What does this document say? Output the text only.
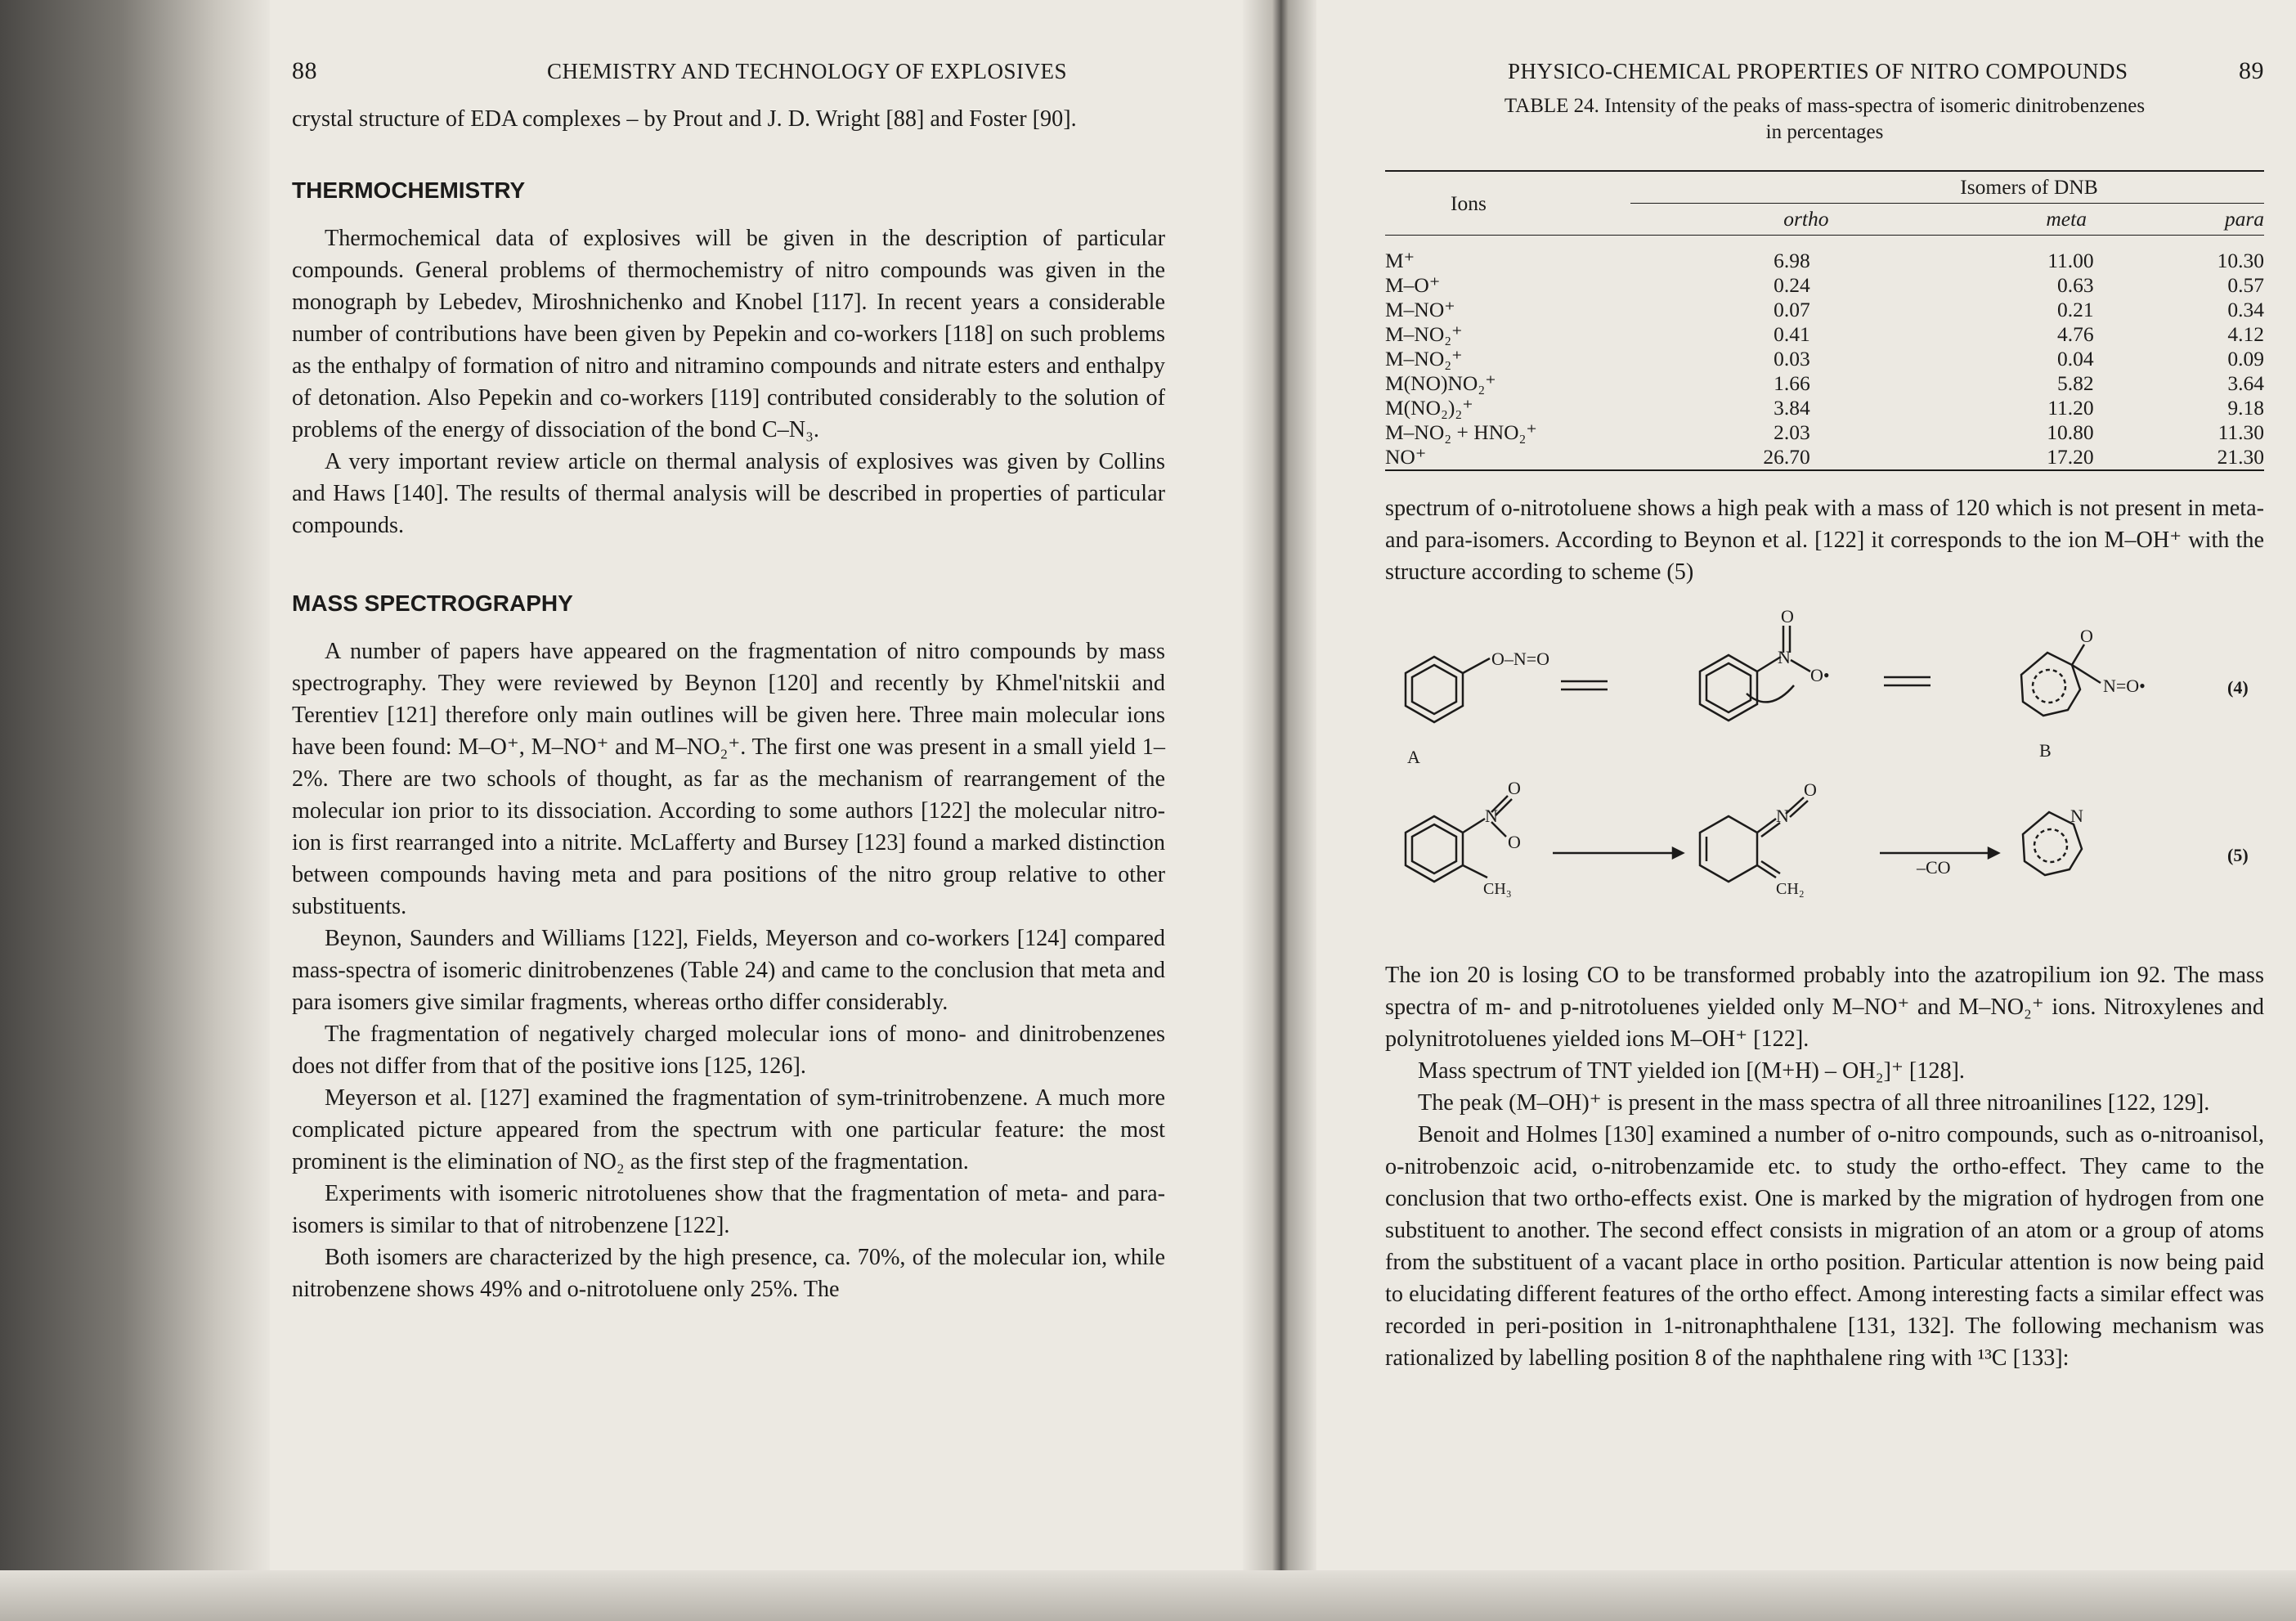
88	CHEMISTRY AND TECHNOLOGY OF EXPLOSIVES

crystal structure of EDA complexes – by Prout and J. D. Wright [88] and Foster [90].

THERMOCHEMISTRY

Thermochemical data of explosives will be given in the description of particular compounds. General problems of thermochemistry of nitro compounds was given in the monograph by Lebedev, Miroshnichenko and Knobel [117]. In recent years a considerable number of contributions have been given by Pepekin and co-workers [118] on such problems as the enthalpy of formation of nitro and nitramino compounds and nitrate esters and enthalpy of detonation. Also Pepekin and co-workers [119] contributed considerably to the solution of problems of the energy of dissociation of the bond C–N₃.

A very important review article on thermal analysis of explosives was given by Collins and Haws [140]. The results of thermal analysis will be described in properties of particular compounds.

MASS SPECTROGRAPHY

A number of papers have appeared on the fragmentation of nitro compounds by mass spectrography. They were reviewed by Beynon [120] and recently by Khmel'nitskii and Terentiev [121] therefore only main outlines will be given here. Three main molecular ions have been found: M–O⁺, M–NO⁺ and M–NO₂⁺. The first one was present in a small yield 1–2%. There are two schools of thought, as far as the mechanism of rearrangement of the molecular ion prior to its dissociation. According to some authors [122] the molecular nitro-ion is first rearranged into a nitrite. McLafferty and Bursey [123] found a marked distinction between compounds having meta and para positions of the nitro group relative to other substituents.

Beynon, Saunders and Williams [122], Fields, Meyerson and co-workers [124] compared mass-spectra of isomeric dinitrobenzenes (Table 24) and came to the conclusion that meta and para isomers give similar fragments, whereas ortho differ considerably.

The fragmentation of negatively charged molecular ions of mono- and dinitrobenzenes does not differ from that of the positive ions [125, 126].

Meyerson et al. [127] examined the fragmentation of sym-trinitrobenzene. A much more complicated picture appeared from the spectrum with one particular feature: the most prominent is the elimination of NO₂ as the first step of the fragmentation.

Experiments with isomeric nitrotoluenes show that the fragmentation of meta- and para-isomers is similar to that of nitrobenzene [122].

Both isomers are characterized by the high presence, ca. 70%, of the molecular ion, while nitrobenzene shows 49% and o-nitrotoluene only 25%. The

PHYSICO-CHEMICAL PROPERTIES OF NITRO COMPOUNDS	89
TABLE 24. Intensity of the peaks of mass-spectra of isomeric dinitrobenzenes
in percentages
Ions	Isomers of DNB		
	ortho	meta	para
M⁺	6.98	11.00	10.30
M–O⁺	0.24	0.63	0.57
M–NO⁺	0.07	0.21	0.34
M–NO₂⁺	0.41	4.76	4.12
M–NO₂⁺	0.03	0.04	0.09
M(NO)NO₂⁺	1.66	5.82	3.64
M(NO₂)₂⁺	3.84	11.20	9.18
M–NO₂ + HNO₂⁺	2.03	10.80	11.30
NO⁺	26.70	17.20	21.30

spectrum of o-nitrotoluene shows a high peak with a mass of 120 which is not present in meta- and para-isomers. According to Beynon et al. [122] it corresponds to the ion M–OH⁺ with the structure according to scheme (5)

O–N=O
A
O
N
O•
O
N=O•
B
(4)
N
O
O
CH₃
N
O
CH₂
–CO
N
(5)

The ion 20 is losing CO to be transformed probably into the azatropilium ion 92. The mass spectra of m- and p-nitrotoluenes yielded only M–NO⁺ and M–NO₂⁺ ions. Nitroxylenes and polynitrotoluenes yielded ions M–OH⁺ [122].

Mass spectrum of TNT yielded ion [(M+H) – OH₂]⁺ [128].

The peak (M–OH)⁺ is present in the mass spectra of all three nitroanilines [122, 129].

Benoit and Holmes [130] examined a number of o-nitro compounds, such as o-nitroanisol, o-nitrobenzoic acid, o-nitrobenzamide etc. to study the ortho-effect. They came to the conclusion that two ortho-effects exist. One is marked by the migration of hydrogen from one substituent to another. The second effect consists in migration of an atom or a group of atoms from the substituent of a vacant place in ortho position. Particular attention is now being paid to elucidating different features of the ortho effect. Among interesting facts a similar effect was recorded in peri-position in 1-nitronaphthalene [131, 132]. The following mechanism was rationalized by labelling position 8 of the naphthalene ring with ¹³C [133]:
